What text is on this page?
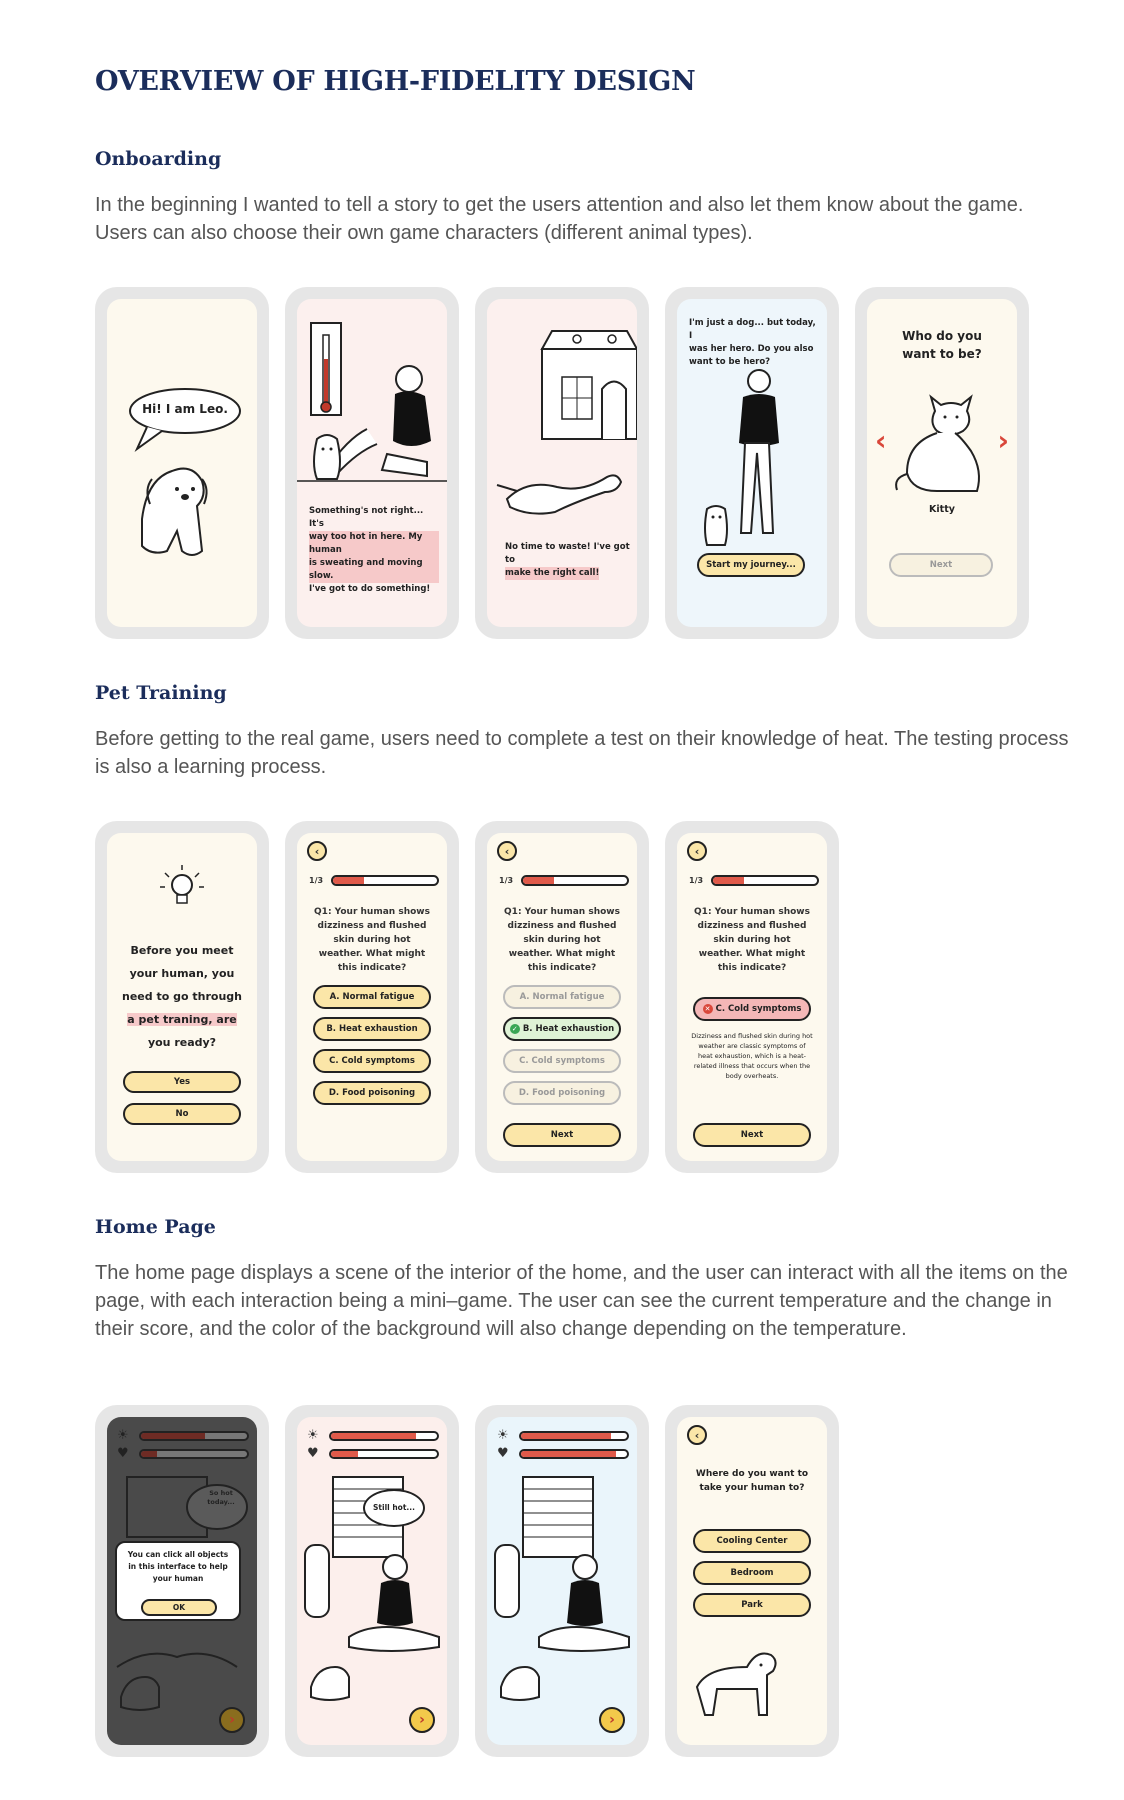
OVERVIEW OF HIGH-FIDELITY DESIGN
Onboarding
In the beginning I wanted to tell a story to get the users attention and also let them know about the game. Users can also choose their own game characters (different animal types).
Hi! I am Leo.
Something's not right... It's
way too hot in here. My human is sweating and moving slow.
I've got to do something!
No time to waste! I've got to
make the right call!
I'm just a dog... but today, I
was her hero. Do you also
want to be hero?
Start my journey...
Who do you
want to be?
‹	›
Kitty
Next
Pet Training
Before getting to the real game, users need to complete a test on their knowledge of heat. The testing process is also a learning process.
Before you meet
your human, you
need to go through
a pet traning, are
you ready?
Yes
No
‹
1/3
Q1: Your human shows dizziness and flushed skin during hot weather. What might this indicate?
A. Normal fatigue
B. Heat exhaustion
C. Cold symptoms
D. Food poisoning
‹
1/3
Q1: Your human shows dizziness and flushed skin during hot weather. What might this indicate?
A. Normal fatigue
✓ B. Heat exhaustion
C. Cold symptoms
D. Food poisoning
Next
‹
1/3
Q1: Your human shows dizziness and flushed skin during hot weather. What might this indicate?
✕ C. Cold symptoms
Dizziness and flushed skin during hot weather are classic symptoms of heat exhaustion, which is a heat-related illness that occurs when the body overheats.
Next
Home Page
The home page displays a scene of the interior of the home, and the user can interact with all the items on the page, with each interaction being a mini–game. The user can see the current temperature and the change in their score, and the color of the background will also change depending on the temperature.
☀
♥
So hot today...
You can click all objects in this interface to help your human
OK
›
☀
♥
Still hot...
›
☀
♥
›
‹
Where do you want to
take your human to?
Cooling Center
Bedroom
Park
